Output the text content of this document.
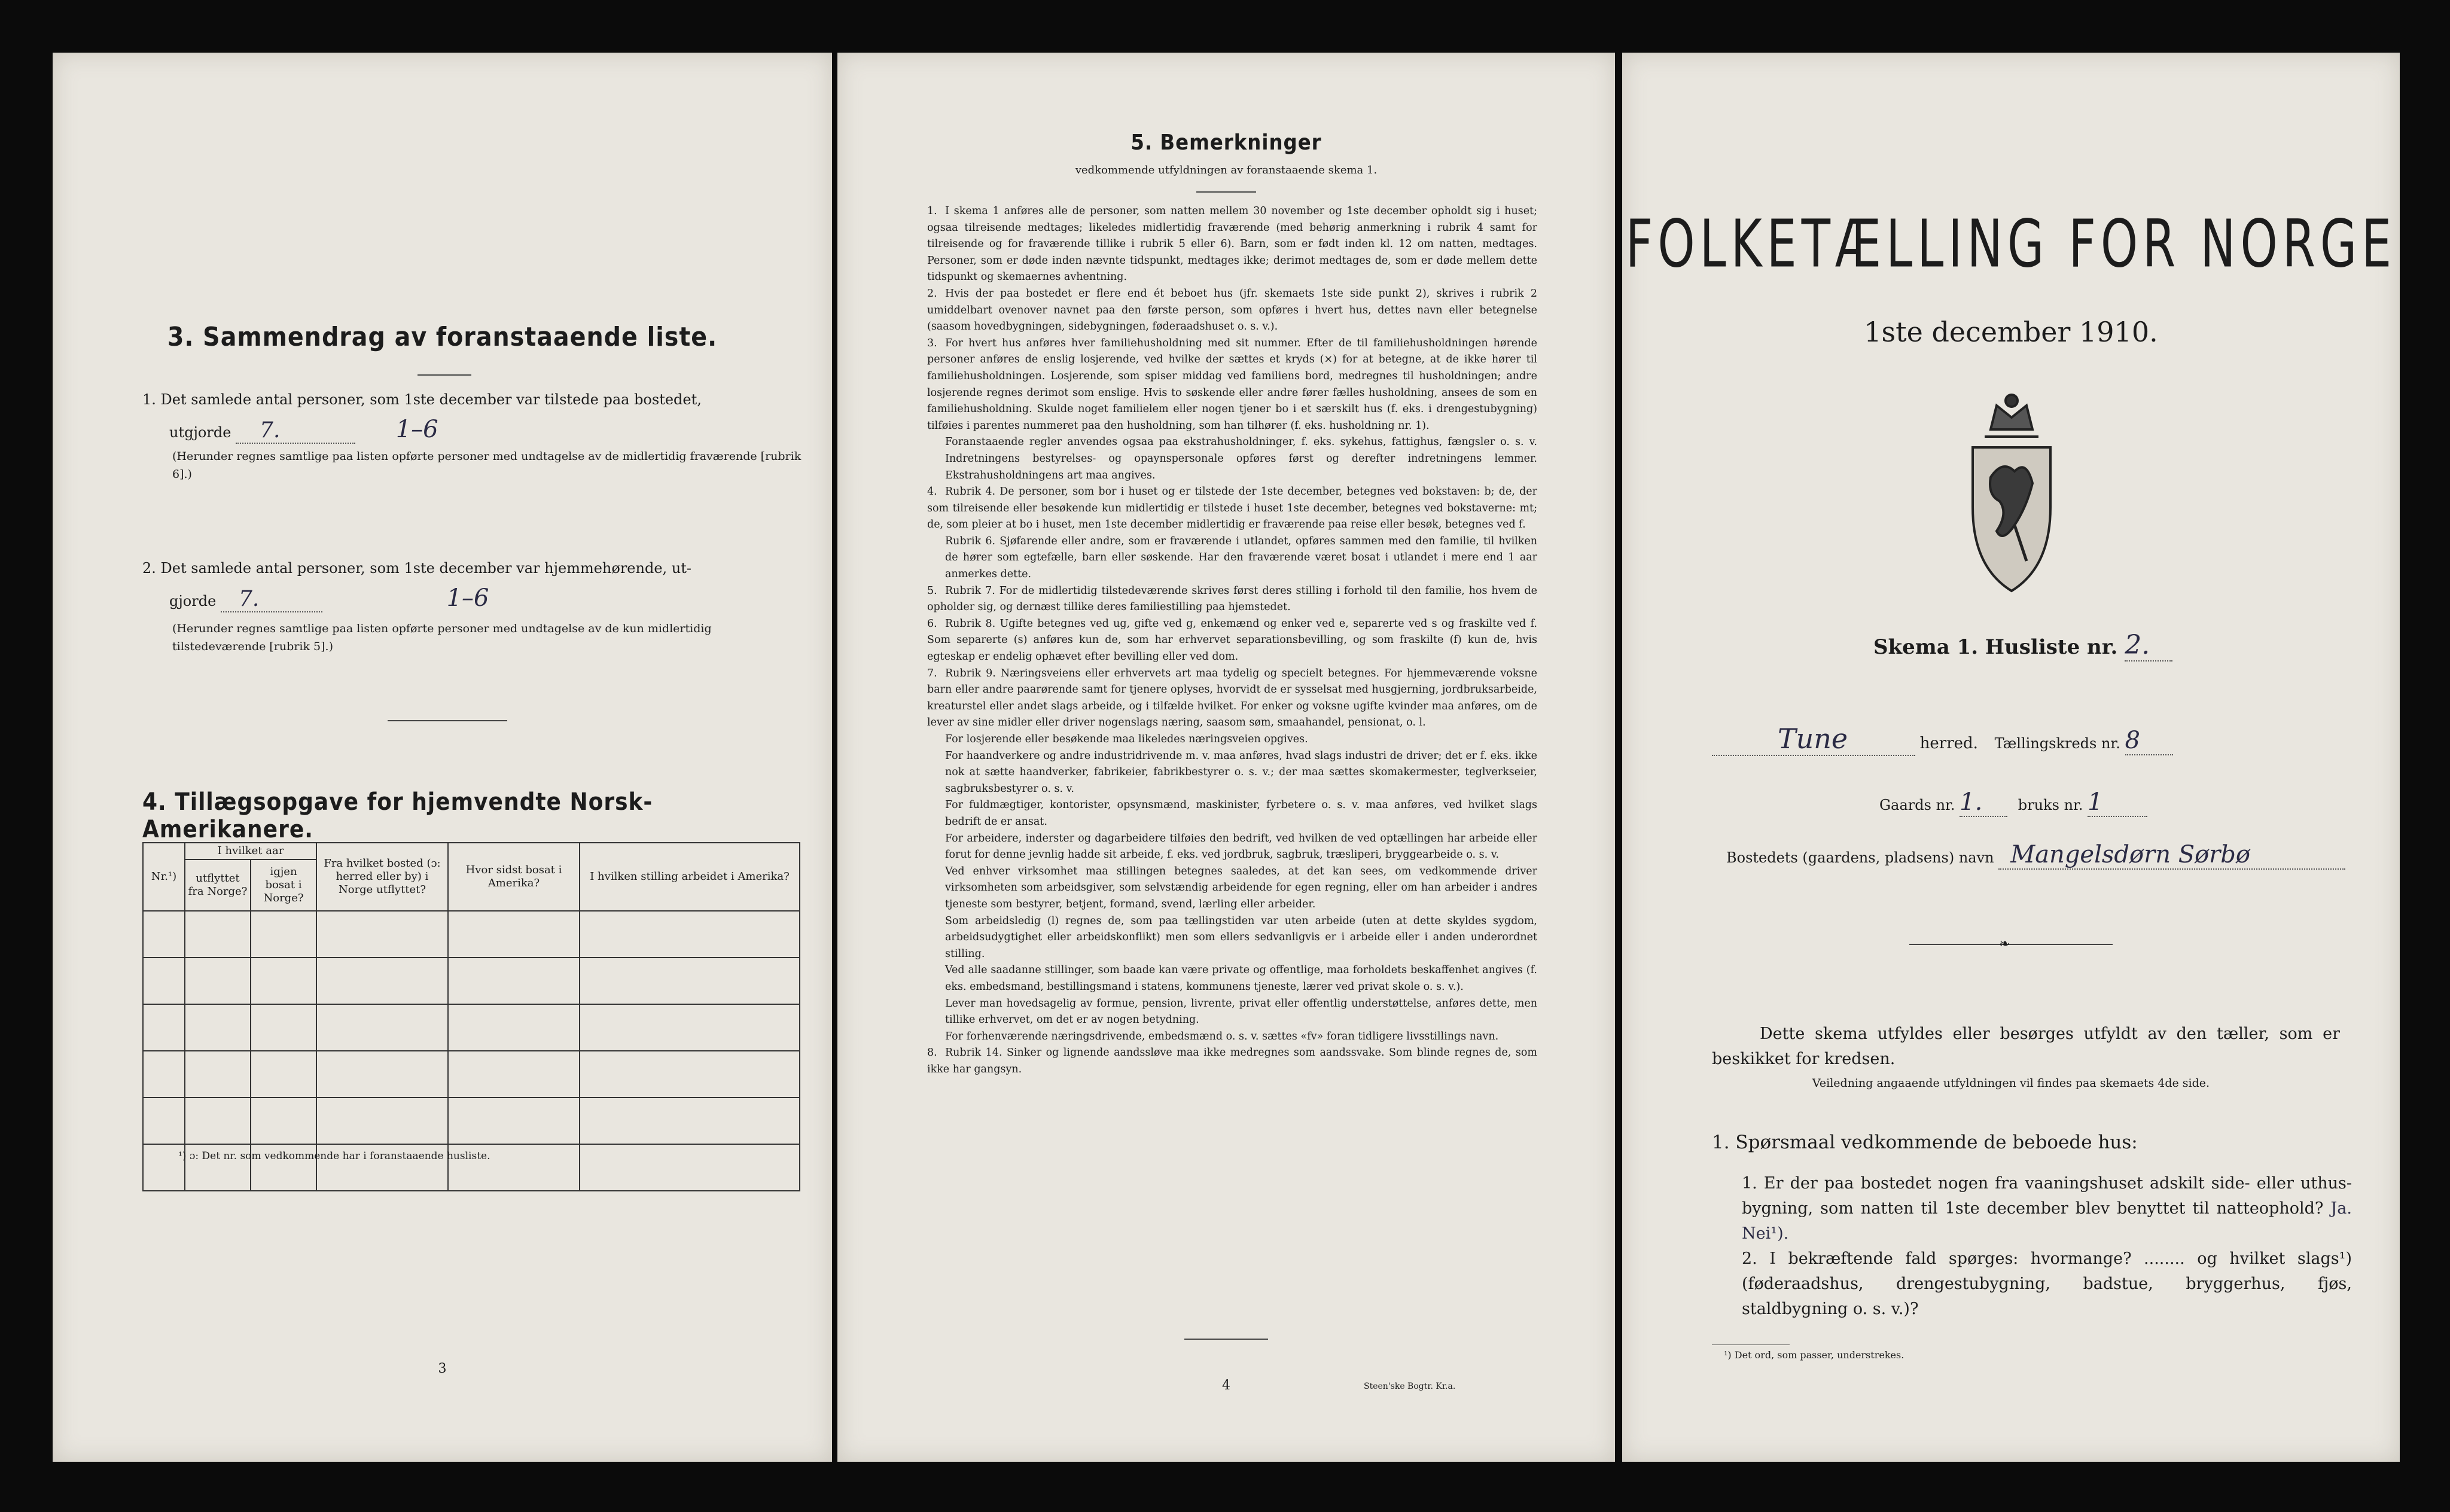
3. Sammendrag av foranstaaende liste.
1. Det samlede antal personer, som 1ste december var tilstede paa bostedet,
utgjorde 7.	1–6
(Herunder regnes samtlige paa listen opførte personer med undtagelse av de midlertidig fraværende [rubrik 6].)
2. Det samlede antal personer, som 1ste december var hjemmehørende, ut-
gjorde 7.	1–6
(Herunder regnes samtlige paa listen opførte personer med undtagelse av de kun midlertidig tilstedeværende [rubrik 5].)
4. Tillægsopgave for hjemvendte Norsk-Amerikanere.
Nr.¹)	I hvilket aar		Fra hvilket bosted (ɔ: herred eller by) i Norge utflyttet?	Hvor sidst bosat i Amerika?	I hvilken stilling arbeidet i Amerika?
	utflyttet fra Norge?	igjen bosat i Norge?			

¹) ɔ: Det nr. som vedkommende har i foranstaaende husliste.
3
5. Bemerkninger
vedkommende utfyldningen av foranstaaende skema 1.

1. I skema 1 anføres alle de personer, som natten mellem 30 november og 1ste december opholdt sig i huset; ogsaa tilreisende medtages; likeledes midlertidig fraværende (med behørig anmerkning i rubrik 4 samt for tilreisende og for fraværende tillike i rubrik 5 eller 6). Barn, som er født inden kl. 12 om natten, medtages. Personer, som er døde inden nævnte tidspunkt, medtages ikke; derimot medtages de, som er døde mellem dette tidspunkt og skemaernes avhentning.

2. Hvis der paa bostedet er flere end ét beboet hus (jfr. skemaets 1ste side punkt 2), skrives i rubrik 2 umiddelbart ovenover navnet paa den første person, som opføres i hvert hus, dettes navn eller betegnelse (saasom hovedbygningen, sidebygningen, føderaadshuset o. s. v.).

3. For hvert hus anføres hver familiehusholdning med sit nummer. Efter de til familiehusholdningen hørende personer anføres de enslig losjerende, ved hvilke der sættes et kryds (×) for at betegne, at de ikke hører til familiehusholdningen. Losjerende, som spiser middag ved familiens bord, medregnes til husholdningen; andre losjerende regnes derimot som enslige. Hvis to søskende eller andre fører fælles husholdning, ansees de som en familiehusholdning. Skulde noget familielem eller nogen tjener bo i et særskilt hus (f. eks. i drengestubygning) tilføies i parentes nummeret paa den husholdning, som han tilhører (f. eks. husholdning nr. 1).

Foranstaaende regler anvendes ogsaa paa ekstrahusholdninger, f. eks. sykehus, fattighus, fængsler o. s. v. Indretningens bestyrelses- og opaynspersonale opføres først og derefter indretningens lemmer. Ekstrahusholdningens art maa angives.

4. Rubrik 4. De personer, som bor i huset og er tilstede der 1ste december, betegnes ved bokstaven: b; de, der som tilreisende eller besøkende kun midlertidig er tilstede i huset 1ste december, betegnes ved bokstaverne: mt; de, som pleier at bo i huset, men 1ste december midlertidig er fraværende paa reise eller besøk, betegnes ved f.

Rubrik 6. Sjøfarende eller andre, som er fraværende i utlandet, opføres sammen med den familie, til hvilken de hører som egtefælle, barn eller søskende. Har den fraværende været bosat i utlandet i mere end 1 aar anmerkes dette.

5. Rubrik 7. For de midlertidig tilstedeværende skrives først deres stilling i forhold til den familie, hos hvem de opholder sig, og dernæst tillike deres familiestilling paa hjemstedet.

6. Rubrik 8. Ugifte betegnes ved ug, gifte ved g, enkemænd og enker ved e, separerte ved s og fraskilte ved f. Som separerte (s) anføres kun de, som har erhvervet separationsbevilling, og som fraskilte (f) kun de, hvis egteskap er endelig ophævet efter bevilling eller ved dom.

7. Rubrik 9. Næringsveiens eller erhvervets art maa tydelig og specielt betegnes. For hjemmeværende voksne barn eller andre paarørende samt for tjenere oplyses, hvorvidt de er sysselsat med husgjerning, jordbruksarbeide, kreaturstel eller andet slags arbeide, og i tilfælde hvilket. For enker og voksne ugifte kvinder maa anføres, om de lever av sine midler eller driver nogenslags næring, saasom søm, smaahandel, pensionat, o. l.

For losjerende eller besøkende maa likeledes næringsveien opgives.

For haandverkere og andre industridrivende m. v. maa anføres, hvad slags industri de driver; det er f. eks. ikke nok at sætte haandverker, fabrikeier, fabrikbestyrer o. s. v.; der maa sættes skomakermester, teglverkseier, sagbruksbestyrer o. s. v.

For fuldmægtiger, kontorister, opsynsmænd, maskinister, fyrbetere o. s. v. maa anføres, ved hvilket slags bedrift de er ansat.

For arbeidere, inderster og dagarbeidere tilføies den bedrift, ved hvilken de ved optællingen har arbeide eller forut for denne jevnlig hadde sit arbeide, f. eks. ved jordbruk, sagbruk, træsliperi, bryggearbeide o. s. v.

Ved enhver virksomhet maa stillingen betegnes saaledes, at det kan sees, om vedkommende driver virksomheten som arbeidsgiver, som selvstændig arbeidende for egen regning, eller om han arbeider i andres tjeneste som bestyrer, betjent, formand, svend, lærling eller arbeider.

Som arbeidsledig (l) regnes de, som paa tællingstiden var uten arbeide (uten at dette skyldes sygdom, arbeidsudygtighet eller arbeidskonflikt) men som ellers sedvanligvis er i arbeide eller i anden underordnet stilling.

Ved alle saadanne stillinger, som baade kan være private og offentlige, maa forholdets beskaffenhet angives (f. eks. embedsmand, bestillingsmand i statens, kommunens tjeneste, lærer ved privat skole o. s. v.).

Lever man hovedsagelig av formue, pension, livrente, privat eller offentlig understøttelse, anføres dette, men tillike erhvervet, om det er av nogen betydning.

For forhenværende næringsdrivende, embedsmænd o. s. v. sættes «fv» foran tidligere livsstillings navn.

8. Rubrik 14. Sinker og lignende aandssløve maa ikke medregnes som aandssvake. Som blinde regnes de, som ikke har gangsyn.

4	Steen'ske Bogtr. Kr.a.
FOLKETÆLLING FOR NORGE
1ste december 1910.
Skema 1. Husliste nr. 2.
Tune	herred. Tællingskreds nr. 8
Gaards nr. 1. bruks nr. 1
Bostedets (gaardens, pladsens) navn Mangelsdørn Sørbø
❧
Dette skema utfyldes eller besørges utfyldt av den tæller, som er beskikket for kredsen.
Veiledning angaaende utfyldningen vil findes paa skemaets 4de side.
1. Spørsmaal vedkommende de beboede hus:
1. Er der paa bostedet nogen fra vaaningshuset adskilt side- eller uthus-bygning, som natten til 1ste december blev benyttet til natteophold? Ja. Nei¹).
2. I bekræftende fald spørges: hvormange? ........ og hvilket slags¹) (føderaadshus, drengestubygning, badstue, bryggerhus, fjøs, staldbygning o. s. v.)?
¹) Det ord, som passer, understrekes.
